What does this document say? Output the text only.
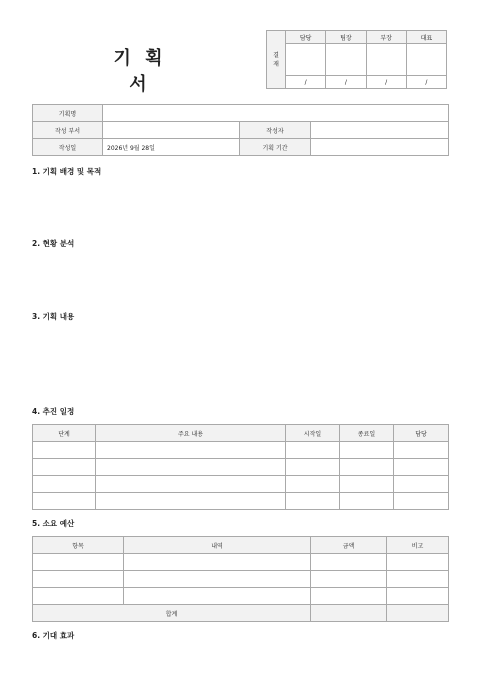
기 획 서
결
재	담당	팀장	부장	대표

	/	/	/	/
기획명			
작성 부서		작성자	
작성일	2026년 9월 28일	기획 기간	
1. 기획 배경 및 목적
2. 현황 분석
3. 기획 내용
4. 추진 일정
단계	주요 내용	시작일	종료일	담당

5. 소요 예산
항목	내역	금액	비고

합계			
6. 기대 효과
